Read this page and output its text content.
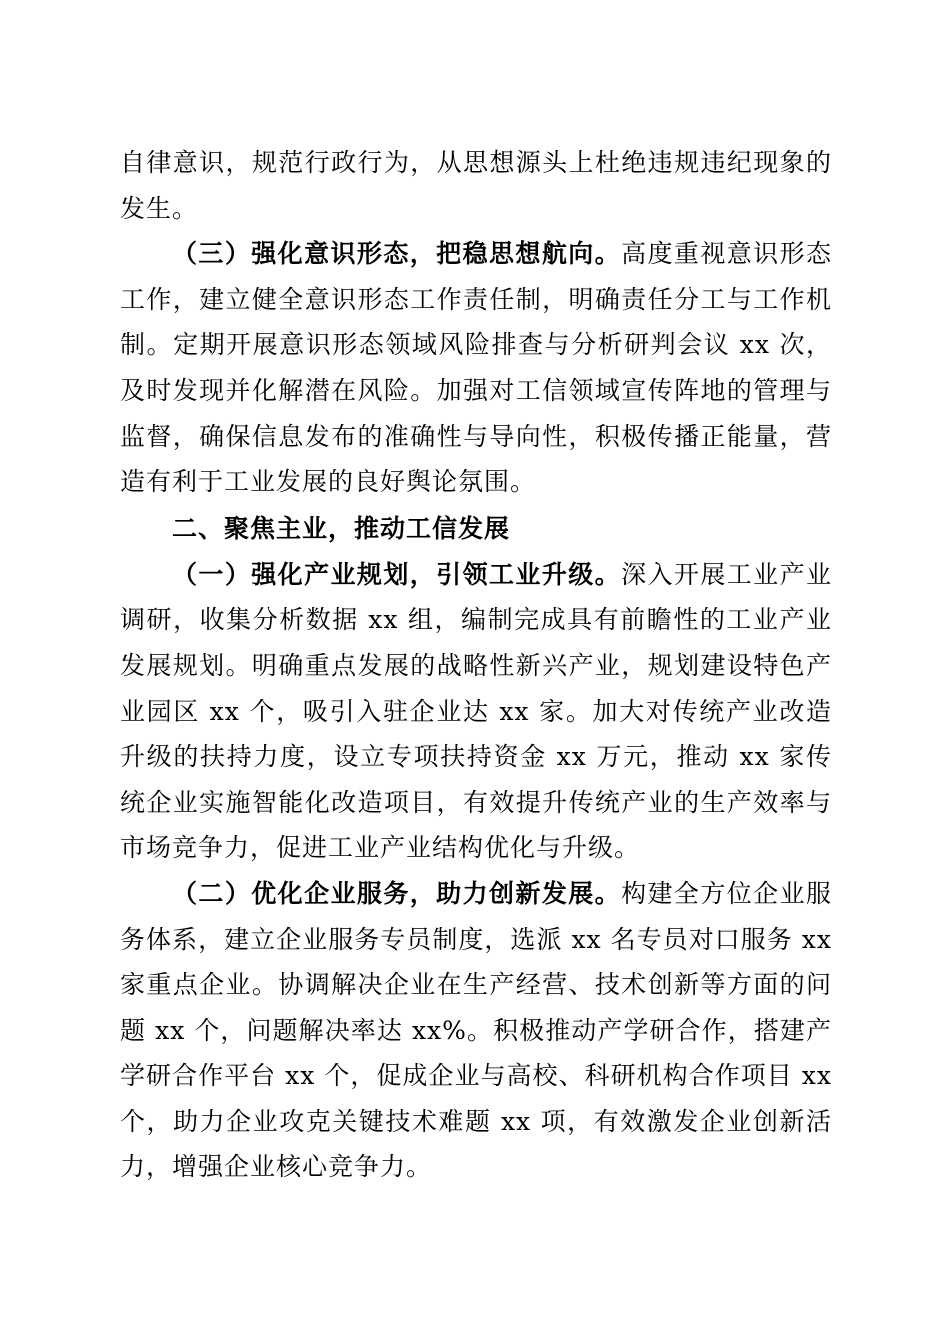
自律意识，规范行政行为，从思想源头上杜绝违规违纪现象的发生。

（三）强化意识形态，把稳思想航向。高度重视意识形态工作，建立健全意识形态工作责任制，明确责任分工与工作机制。定期开展意识形态领域风险排查与分析研判会议 xx 次，及时发现并化解潜在风险。加强对工信领域宣传阵地的管理与监督，确保信息发布的准确性与导向性，积极传播正能量，营造有利于工业发展的良好舆论氛围。

二、聚焦主业，推动工信发展

（一）强化产业规划，引领工业升级。深入开展工业产业调研，收集分析数据 xx 组，编制完成具有前瞻性的工业产业发展规划。明确重点发展的战略性新兴产业，规划建设特色产业园区 xx 个，吸引入驻企业达 xx 家。加大对传统产业改造升级的扶持力度，设立专项扶持资金 xx 万元，推动 xx 家传统企业实施智能化改造项目，有效提升传统产业的生产效率与市场竞争力，促进工业产业结构优化与升级。

（二）优化企业服务，助力创新发展。构建全方位企业服务体系，建立企业服务专员制度，选派 xx 名专员对口服务 xx 家重点企业。协调解决企业在生产经营、技术创新等方面的问题 xx 个，问题解决率达 xx%。积极推动产学研合作，搭建产学研合作平台 xx 个，促成企业与高校、科研机构合作项目 xx 个，助力企业攻克关键技术难题 xx 项，有效激发企业创新活力，增强企业核心竞争力。
